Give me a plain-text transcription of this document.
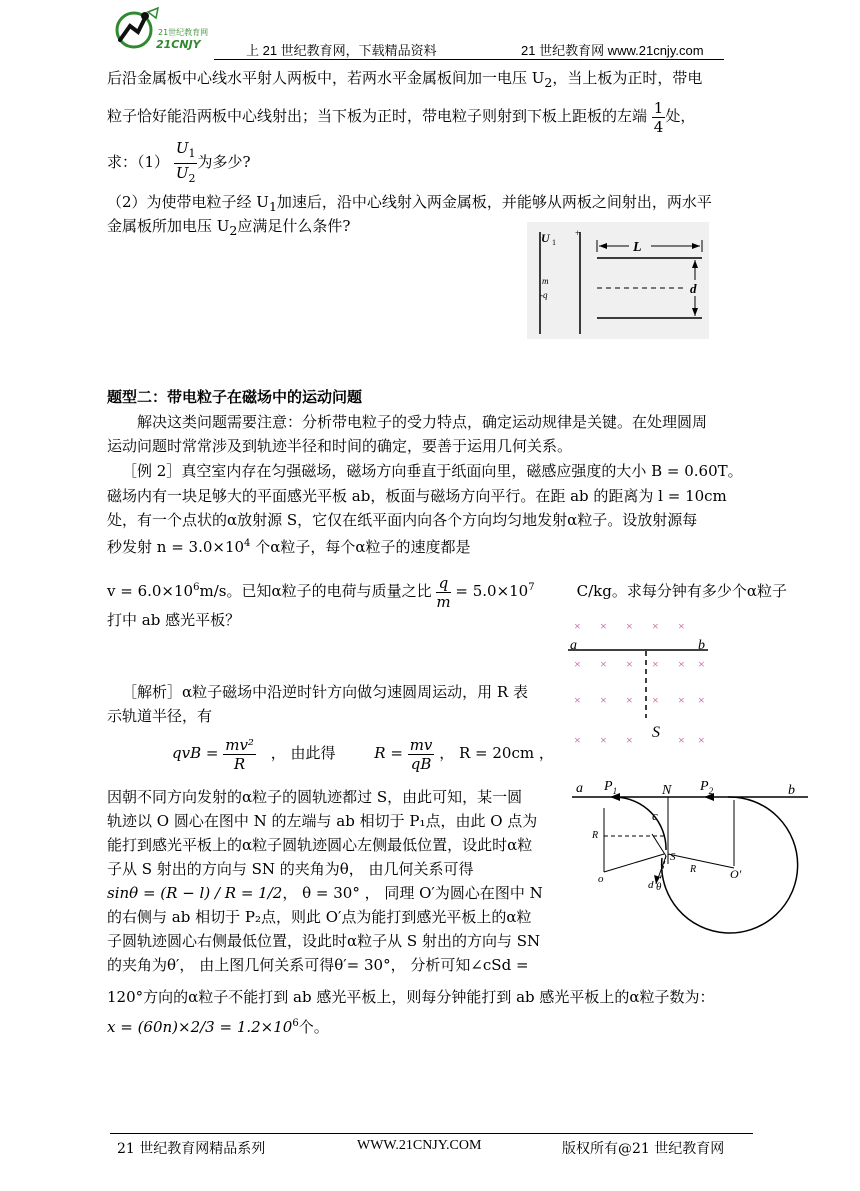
21世纪教育网
21CNJY	上 21 世纪教育网，下载精品资料	21 世纪教育网 www.21cnjy.com
后沿金属板中心线水平射人两板中，若两水平金属板间加一电压 $U_2$，当上板为正时，带电
粒子恰好能沿两板中心线射出；当下板为正时，带电粒子则射到下板上距板的左端 $\frac{1}{4}$ 处，
求：$(1) \frac{U_1}{U_2}$ 为多少?
（2）为使带电粒子经 $U_1$加速后，沿中心线射入两金属板，并能够从两板之间射出，两水平
金属板所加电压 $U_2$应满足什么条件?
U 1
+
m
-q
L
d
题型二：带电粒子在磁场中的运动问题
解决这类问题需要注意：分析带电粒子的受力特点，确定运动规律是关键。在处理圆周
运动问题时常常涉及到轨迹半径和时间的确定，要善于运用几何关系。
［例 2］真空室内存在匀强磁场，磁场方向垂直于纸面向里，磁感应强度的大小 B = 0.60T。
磁场内有一块足够大的平面感光平板 ab，板面与磁场方向平行。在距 ab 的距离为 l = 10cm
处，有一个点状的α放射源 S，它仅在纸平面内向各个方向均匀地发射α粒子。设放射源每
秒发射 $n = 3.0\times 10^4$ 个α粒子，每个α粒子的速度都是
$v = 6.0\times 10^6m/s$。已知α粒子的电荷与质量之比 $\frac{q}{m} = 5.0\times 10^7$	C/kg。求每分钟有多少个α粒子
打中 ab 感光平板？
a	b
S
× × × × ×
× × × × × ×
× × × × × ×
× × ×	× ×
［解析］α粒子磁场中沿逆时针方向做匀速圆周运动，用 R 表
示轨道半径，有
qvB = $\frac{\text{mv²}}{R}$ ， 由此得	$R = \frac{mv}{qB}$ ， R = 20cm ，
因朝不同方向发射的α粒子的圆轨迹都过 S，由此可知，某一圆
轨迹以 O 圆心在图中 N 的左端与 ab 相切于 P₁点，由此 O 点为
能打到感光平板上的α粒子圆轨迹圆心左侧最低位置，设此时α粒
子从 S 射出的方向与 SN 的夹角为θ， 由几何关系可得
sinθ = (R − l) / R = 1/2， θ = 30° ， 同理 O′为圆心在图中 N
的右侧与 ab 相切于 P₂点，则此 O′点为能打到感光平板上的α粒
子圆轨迹圆心右侧最低位置，设此时α粒子从 S 射出的方向与 SN
的夹角为θ′， 由上图几何关系可得θ′= 30°， 分析可知∠cSd =
120°方向的α粒子不能打到 ab 感光平板上，则每分钟能打到 ab 感光平板上的α粒子数为：
$x = (60n)\times 2/3 = 1.2\times 10^6$个。
a $P_1$	N $P_2$	b
c
R
S
R
o	O′
d θ
21 世纪教育网精品系列	WWW.21CNJY.COM	版权所有@21 世纪教育网
